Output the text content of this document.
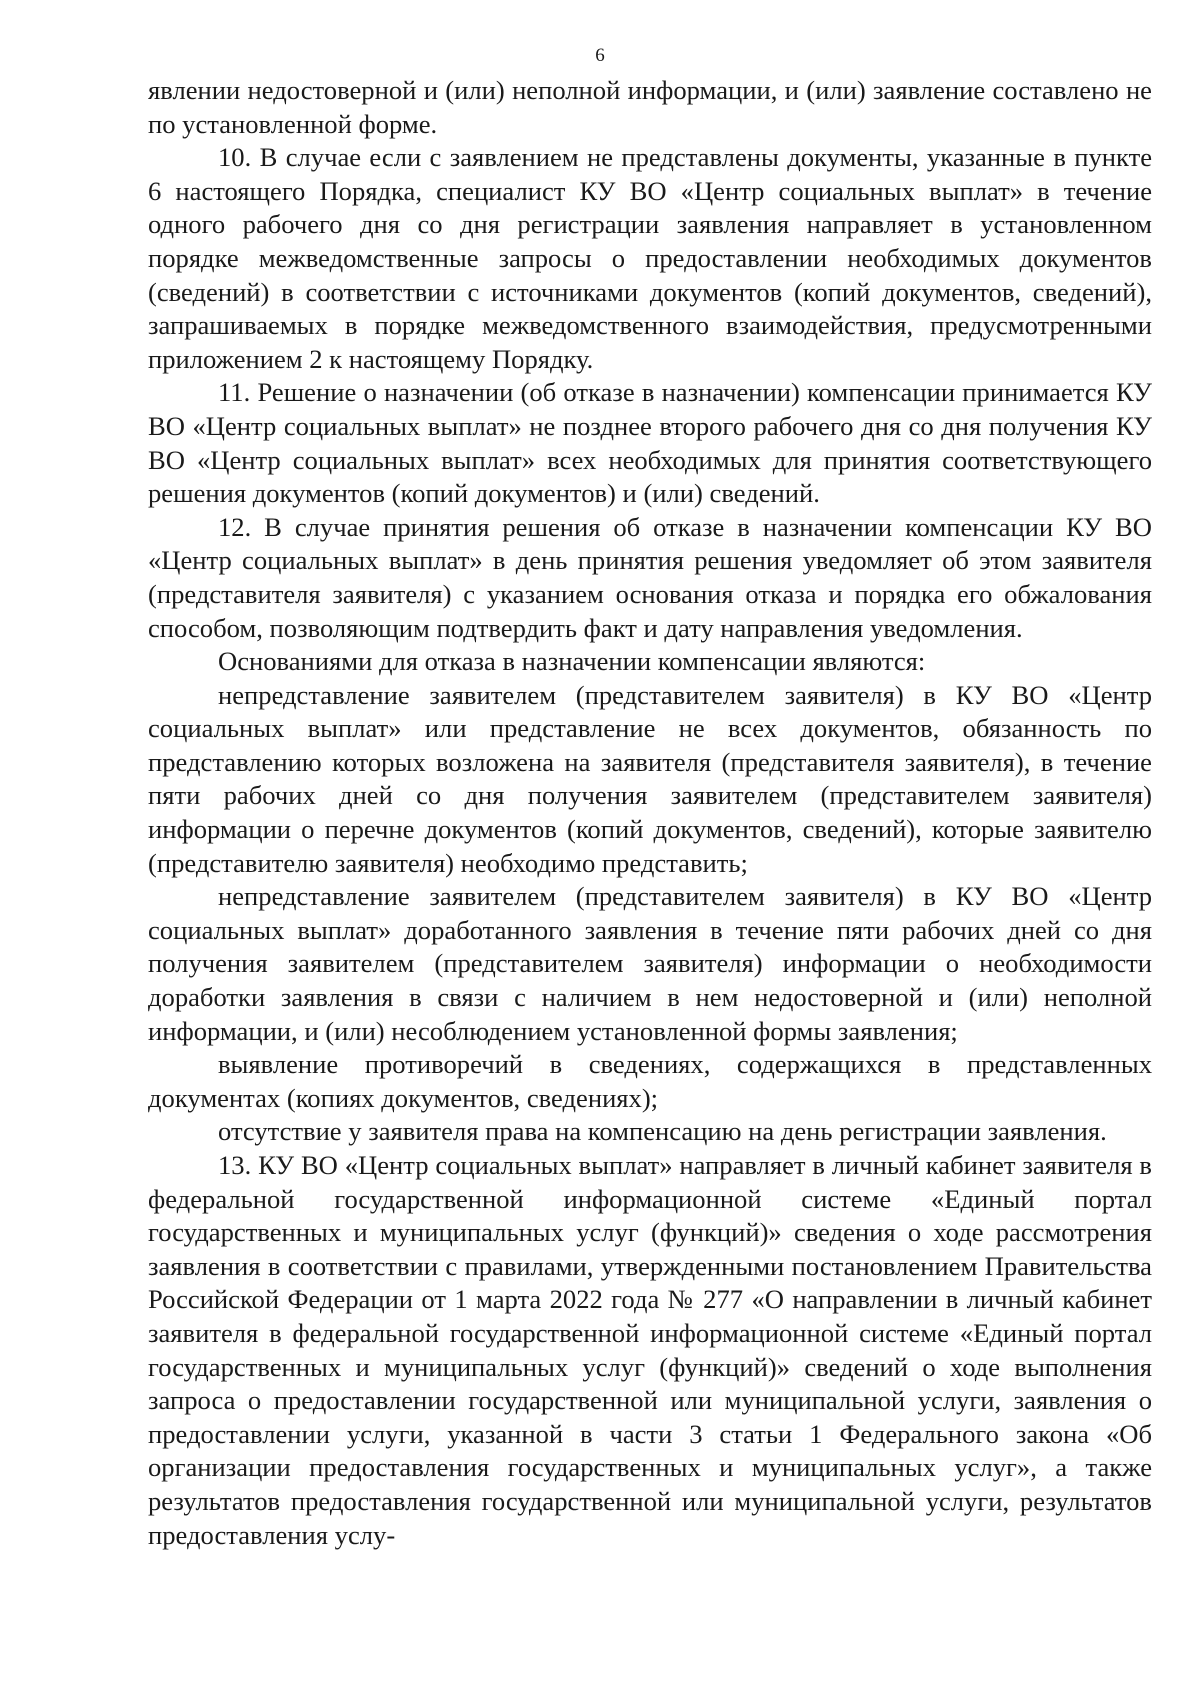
6

явлении недостоверной и (или) неполной информации, и (или) заявление составлено не по установленной форме.

10. В случае если с заявлением не представлены документы, указанные в пункте 6 настоящего Порядка, специалист КУ ВО «Центр социальных выплат» в течение одного рабочего дня со дня регистрации заявления направляет в установленном порядке межведомственные запросы о предоставлении необходимых документов (сведений) в соответствии с источниками документов (копий документов, сведений), запрашиваемых в порядке межведомственного взаимодействия, предусмотренными приложением 2 к настоящему Порядку.

11. Решение о назначении (об отказе в назначении) компенсации принимается КУ ВО «Центр социальных выплат» не позднее второго рабочего дня со дня получения КУ ВО «Центр социальных выплат» всех необходимых для принятия соответствующего решения документов (копий документов) и (или) сведений.

12. В случае принятия решения об отказе в назначении компенсации КУ ВО «Центр социальных выплат» в день принятия решения уведомляет об этом заявителя (представителя заявителя) с указанием основания отказа и порядка его обжалования способом, позволяющим подтвердить факт и дату направления уведомления.

Основаниями для отказа в назначении компенсации являются:

непредставление заявителем (представителем заявителя) в КУ ВО «Центр социальных выплат» или представление не всех документов, обязанность по представлению которых возложена на заявителя (представителя заявителя), в течение пяти рабочих дней со дня получения заявителем (представителем заявителя) информации о перечне документов (копий документов, сведений), которые заявителю (представителю заявителя) необходимо представить;

непредставление заявителем (представителем заявителя) в КУ ВО «Центр социальных выплат» доработанного заявления в течение пяти рабочих дней со дня получения заявителем (представителем заявителя) информации о необходимости доработки заявления в связи с наличием в нем недостоверной и (или) неполной информации, и (или) несоблюдением установленной формы заявления;

выявление противоречий в сведениях, содержащихся в представленных документах (копиях документов, сведениях);

отсутствие у заявителя права на компенсацию на день регистрации заявления.

13. КУ ВО «Центр социальных выплат» направляет в личный кабинет заявителя в федеральной государственной информационной системе «Единый портал государственных и муниципальных услуг (функций)» сведения о ходе рассмотрения заявления в соответствии с правилами, утвержденными постановлением Правительства Российской Федерации от 1 марта 2022 года № 277 «О направлении в личный кабинет заявителя в федеральной государственной информационной системе «Единый портал государственных и муниципальных услуг (функций)» сведений о ходе выполнения запроса о предоставлении государственной или муниципальной услуги, заявления о предоставлении услуги, указанной в части 3 статьи 1 Федерального закона «Об организации предоставления государственных и муниципальных услуг», а также результатов предоставления государственной или муниципальной услуги, результатов предоставления услу-
